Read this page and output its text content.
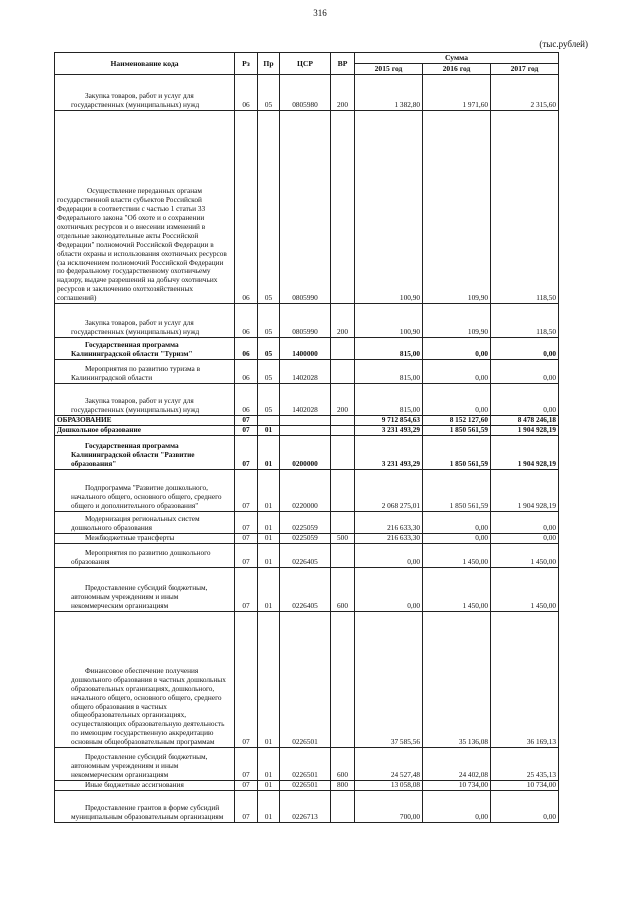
316
(тыс.рублей)
Наименование кода	Рз	Пр	ЦСР	ВР	Сумма		
					2015 год	2016 год	2017 год

Закупка товаров, работ и услуг для государственных (муниципальных) нужд	06	05	0805980	200	1 382,80	1 971,60	2 315,60

Осуществление переданных органам государственной власти субъектов Российской Федерации в соответствии с частью 1 статьи 33 Федерального закона "Об охоте и о сохранении охотничьих ресурсов и о внесении изменений в отдельные законодательные акты Российской Федерации" полномочий Российской Федерации в области охраны и использования охотничьих ресурсов (за исключением полномочий Российской Федерации по федеральному государственному охотничьему надзору, выдаче разрешений на добычу охотничьих ресурсов и заключению охотхозяйственных соглашений)	06	05	0805990		100,90	109,90	118,50

Закупка товаров, работ и услуг для государственных (муниципальных) нужд	06	05	0805990	200	100,90	109,90	118,50

Государственная программа Калининградской области "Туризм"	06	05	1400000		815,00	0,00	0,00

Мероприятия по развитию туризма в Калининградской области	06	05	1402028		815,00	0,00	0,00

Закупка товаров, работ и услуг для государственных (муниципальных) нужд	06	05	1402028	200	815,00	0,00	0,00
ОБРАЗОВАНИЕ	07				9 712 854,63	8 152 127,60	8 478 246,18
Дошкольное образование	07	01			3 231 493,29	1 850 561,59	1 904 928,19

Государственная программа Калининградской области "Развитие образования"	07	01	0200000		3 231 493,29	1 850 561,59	1 904 928,19

Подпрограмма "Развитие дошкольного, начального общего, основного общего, среднего общего и дополнительного образования"	07	01	0220000		2 068 275,01	1 850 561,59	1 904 928,19

Модернизация региональных систем дошкольного образования	07	01	0225059		216 633,30	0,00	0,00

Межбюджетные трансферты	07	01	0225059	500	216 633,30	0,00	0,00

Мероприятия по развитию дошкольного образования	07	01	0226405		0,00	1 450,00	1 450,00

Предоставление субсидий бюджетным, автономным учреждениям и иным некоммерческим организациям	07	01	0226405	600	0,00	1 450,00	1 450,00

Финансовое обеспечение получения дошкольного образования в частных дошкольных образовательных организациях, дошкольного, начального общего, основного общего, среднего общего образования в частных общеобразовательных организациях, осуществляющих образовательную деятельность по имеющим государственную аккредитацию основным общеобразовательным программам	07	01	0226501		37 585,56	35 136,08	36 169,13

Предоставление субсидий бюджетным, автономным учреждениям и иным некоммерческим организациям	07	01	0226501	600	24 527,48	24 402,08	25 435,13

Иные бюджетные ассигнования	07	01	0226501	800	13 058,08	10 734,00	10 734,00

Предоставление грантов в форме субсидий муниципальным образовательным организациям	07	01	0226713		700,00	0,00	0,00
